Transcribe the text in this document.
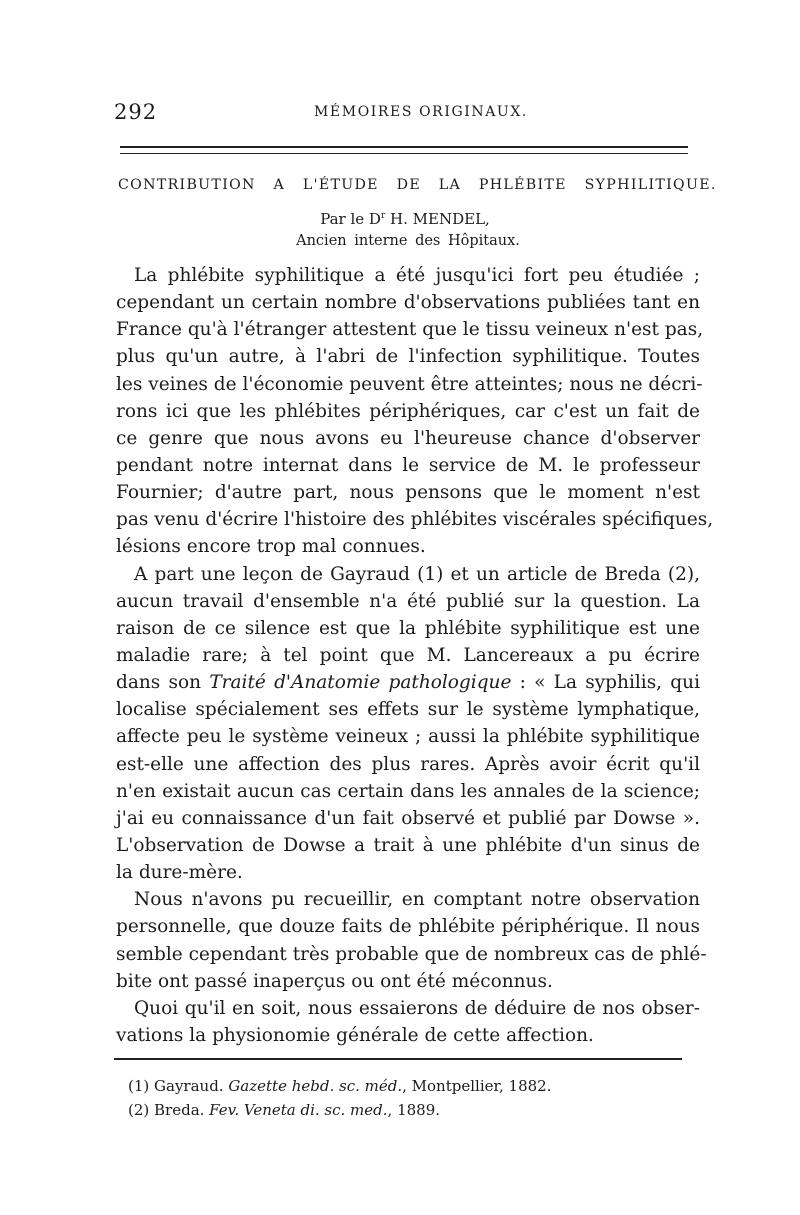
292	MÉMOIRES ORIGINAUX.
CONTRIBUTION A L'ÉTUDE DE LA PHLÉBITE SYPHILITIQUE.
Par le $D^r$ H. MENDEL,
Ancien interne des Hôpitaux.
La phlébite syphilitique a été jusqu'ici fort peu étudiée ;
cependant un certain nombre d'observations publiées tant en
France qu'à l'étranger attestent que le tissu veineux n'est pas,
plus qu'un autre, à l'abri de l'infection syphilitique. Toutes
les veines de l'économie peuvent être atteintes; nous ne décri-
rons ici que les phlébites périphériques, car c'est un fait de
ce genre que nous avons eu l'heureuse chance d'observer
pendant notre internat dans le service de M. le professeur
Fournier; d'autre part, nous pensons que le moment n'est
pas venu d'écrire l'histoire des phlébites viscérales spécifiques,
lésions encore trop mal connues.
A part une leçon de Gayraud (1) et un article de Breda (2),
aucun travail d'ensemble n'a été publié sur la question. La
raison de ce silence est que la phlébite syphilitique est une
maladie rare; à tel point que M. Lancereaux a pu écrire
dans son Traité d'Anatomie pathologique : « La syphilis, qui
localise spécialement ses effets sur le système lymphatique,
affecte peu le système veineux ; aussi la phlébite syphilitique
est-elle une affection des plus rares. Après avoir écrit qu'il
n'en existait aucun cas certain dans les annales de la science;
j'ai eu connaissance d'un fait observé et publié par Dowse ».
L'observation de Dowse a trait à une phlébite d'un sinus de
la dure-mère.
Nous n'avons pu recueillir, en comptant notre observation
personnelle, que douze faits de phlébite périphérique. Il nous
semble cependant très probable que de nombreux cas de phlé-
bite ont passé inaperçus ou ont été méconnus.
Quoi qu'il en soit, nous essaierons de déduire de nos obser-
vations la physionomie générale de cette affection.
(1) Gayraud. Gazette hebd. sc. méd., Montpellier, 1882.
(2) Breda. Fev. Veneta di. sc. med., 1889.
